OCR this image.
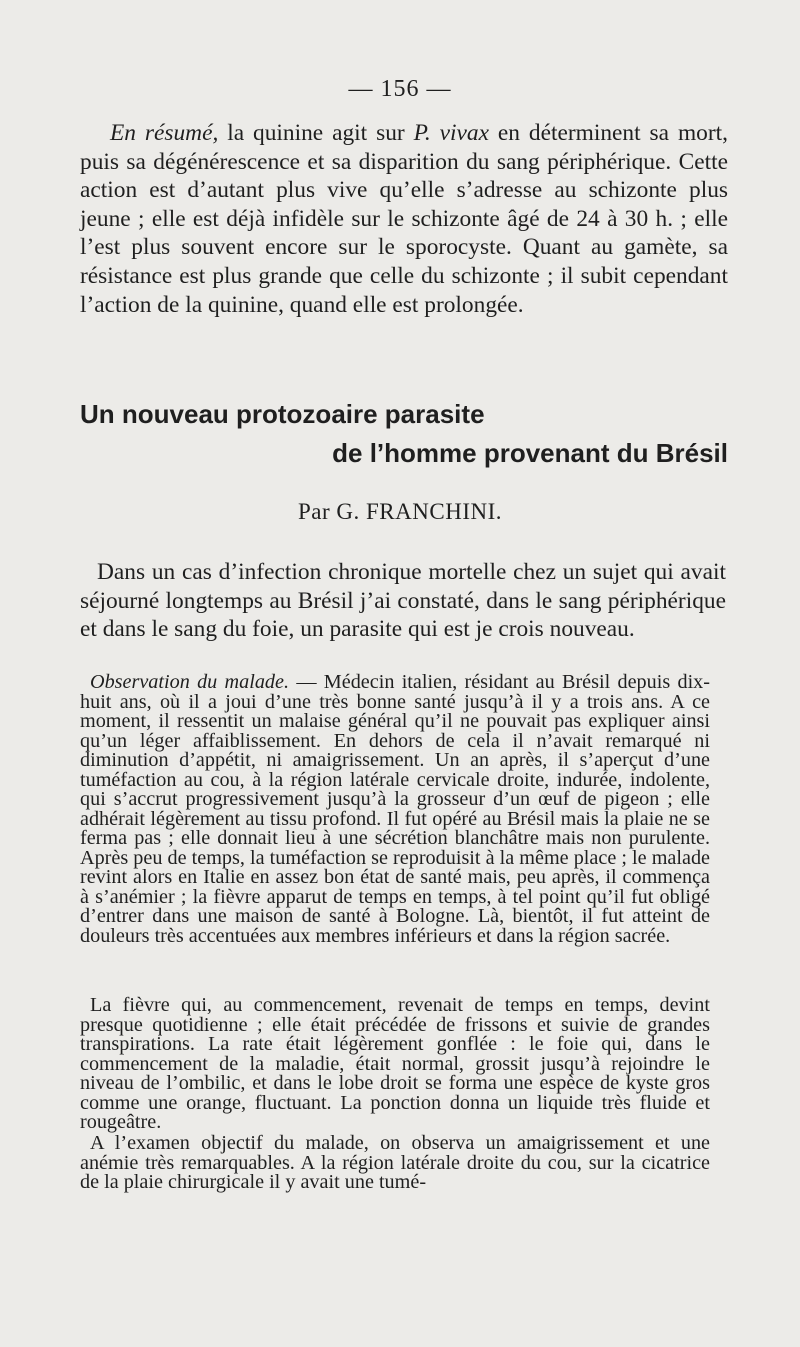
— 156 —

En résumé, la quinine agit sur P. vivax en déterminent sa mort, puis sa dégénérescence et sa disparition du sang périphérique. Cette action est d’autant plus vive qu’elle s’adresse au schizonte plus jeune ; elle est déjà infidèle sur le schizonte âgé de 24 à 30 h. ; elle l’est plus souvent encore sur le sporocyste. Quant au gamète, sa résistance est plus grande que celle du schizonte ; il subit cependant l’action de la quinine, quand elle est prolongée.

Un nouveau protozoaire parasite
de l’homme provenant du Brésil
Par G. FRANCHINI.

Dans un cas d’infection chronique mortelle chez un sujet qui avait séjourné longtemps au Brésil j’ai constaté, dans le sang périphérique et dans le sang du foie, un parasite qui est je crois nouveau.

Observation du malade. — Médecin italien, résidant au Brésil depuis dix-huit ans, où il a joui d’une très bonne santé jusqu’à il y a trois ans. A ce moment, il ressentit un malaise général qu’il ne pouvait pas expliquer ainsi qu’un léger affaiblissement. En dehors de cela il n’avait remarqué ni diminution d’appétit, ni amaigrissement. Un an après, il s’aperçut d’une tuméfaction au cou, à la région latérale cervicale droite, indurée, indolente, qui s’accrut progressivement jusqu’à la grosseur d’un œuf de pigeon ; elle adhérait légèrement au tissu profond. Il fut opéré au Brésil mais la plaie ne se ferma pas ; elle donnait lieu à une sécrétion blanchâtre mais non purulente. Après peu de temps, la tuméfaction se reproduisit à la même place ; le malade revint alors en Italie en assez bon état de santé mais, peu après, il commença à s’anémier ; la fièvre apparut de temps en temps, à tel point qu’il fut obligé d’entrer dans une maison de santé à Bologne. Là, bientôt, il fut atteint de douleurs très accentuées aux membres inférieurs et dans la région sacrée.

La fièvre qui, au commencement, revenait de temps en temps, devint presque quotidienne ; elle était précédée de frissons et suivie de grandes transpirations. La rate était légèrement gonflée : le foie qui, dans le commencement de la maladie, était normal, grossit jusqu’à rejoindre le niveau de l’ombilic, et dans le lobe droit se forma une espèce de kyste gros comme une orange, fluctuant. La ponction donna un liquide très fluide et rougeâtre.

A l’examen objectif du malade, on observa un amaigrissement et une anémie très remarquables. A la région latérale droite du cou, sur la cicatrice de la plaie chirurgicale il y avait une tumé-
